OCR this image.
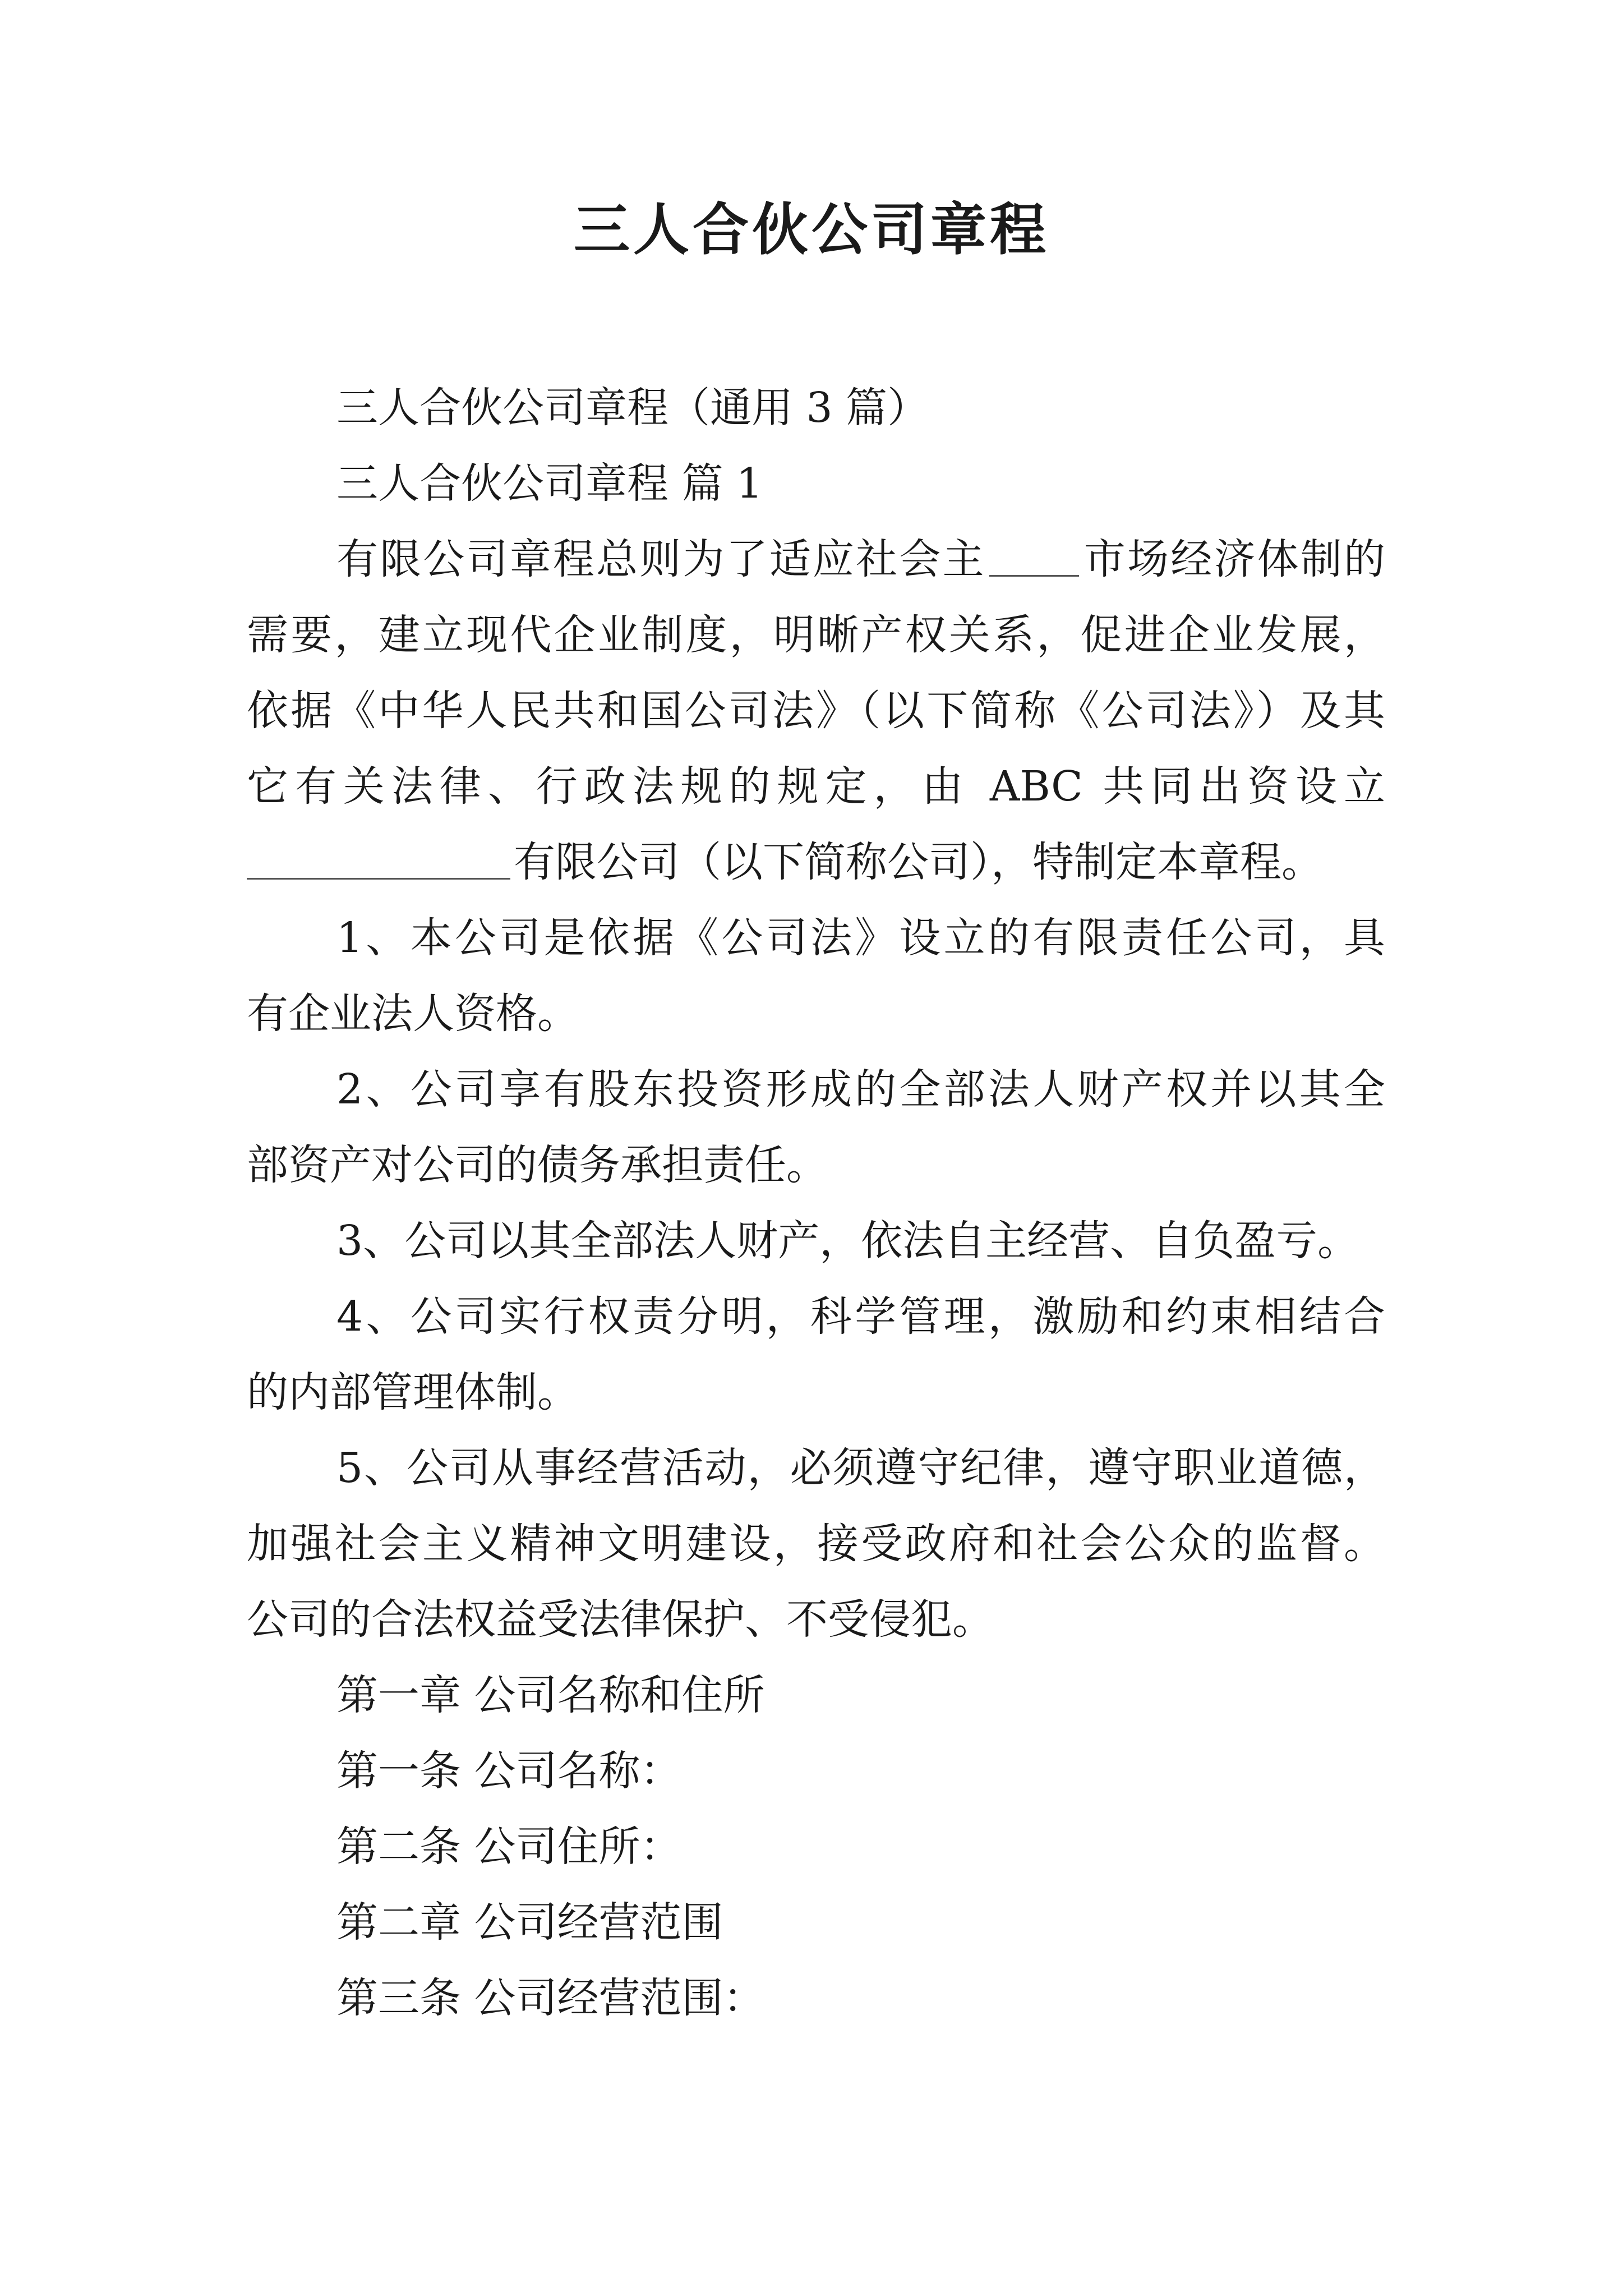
三人合伙公司章程
三人合伙公司章程（通用 3 篇）
三人合伙公司章程 篇 1
有限公司章程总则为了适应社会主 市场经济体制的
需要，建立现代企业制度，明晰产权关系，促进企业发展，
依据《中华人民共和国公司法》（以下简称《公司法》）及其
它有关法律、行政法规的规定，由 ABC 共同出资设立
有限公司（以下简称公司），特制定本章程。
1、本公司是依据《公司法》设立的有限责任公司，具
有企业法人资格。
2、公司享有股东投资形成的全部法人财产权并以其全
部资产对公司的债务承担责任。
3、公司以其全部法人财产，依法自主经营、自负盈亏。
4、公司实行权责分明，科学管理，激励和约束相结合
的内部管理体制。
5、公司从事经营活动，必须遵守纪律，遵守职业道德，
加强社会主义精神文明建设，接受政府和社会公众的监督。
公司的合法权益受法律保护、不受侵犯。
第一章 公司名称和住所
第一条 公司名称：
第二条 公司住所：
第二章 公司经营范围
第三条 公司经营范围：
